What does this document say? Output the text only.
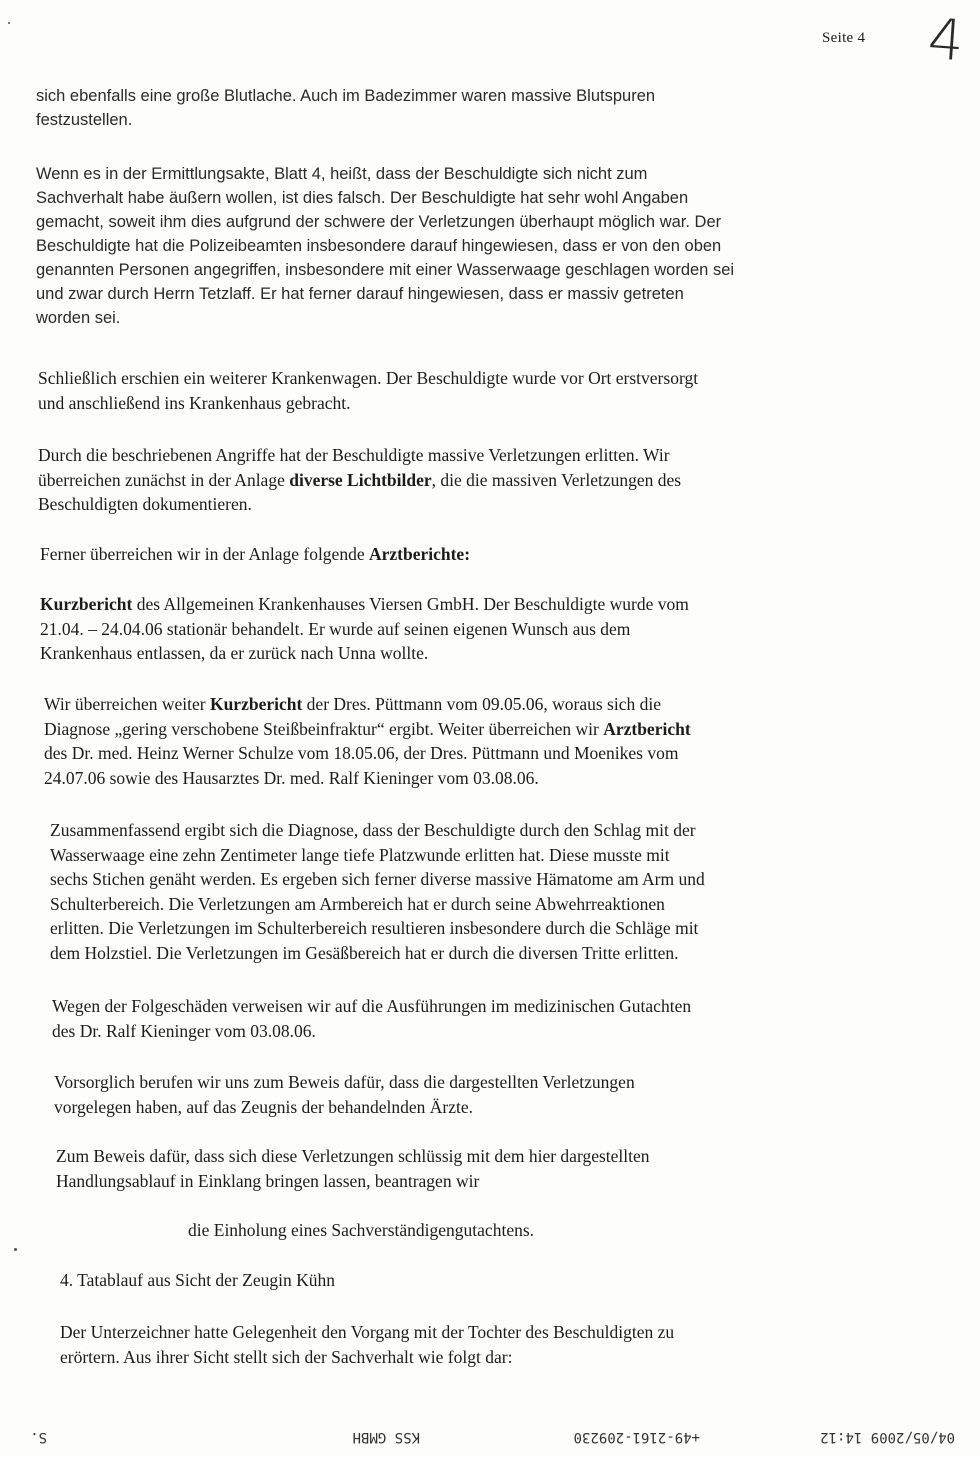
Seite 4 4
sich ebenfalls eine große Blutlache. Auch im Badezimmer waren massive Blutspuren
festzustellen.
Wenn es in der Ermittlungsakte, Blatt 4, heißt, dass der Beschuldigte sich nicht zum
Sachverhalt habe äußern wollen, ist dies falsch. Der Beschuldigte hat sehr wohl Angaben
gemacht, soweit ihm dies aufgrund der schwere der Verletzungen überhaupt möglich war. Der
Beschuldigte hat die Polizeibeamten insbesondere darauf hingewiesen, dass er von den oben
genannten Personen angegriffen, insbesondere mit einer Wasserwaage geschlagen worden sei
und zwar durch Herrn Tetzlaff. Er hat ferner darauf hingewiesen, dass er massiv getreten
worden sei.
Schließlich erschien ein weiterer Krankenwagen. Der Beschuldigte wurde vor Ort erstversorgt
und anschließend ins Krankenhaus gebracht.
Durch die beschriebenen Angriffe hat der Beschuldigte massive Verletzungen erlitten. Wir
überreichen zunächst in der Anlage diverse Lichtbilder, die die massiven Verletzungen des
Beschuldigten dokumentieren.
Ferner überreichen wir in der Anlage folgende Arztberichte:
Kurzbericht des Allgemeinen Krankenhauses Viersen GmbH. Der Beschuldigte wurde vom
21.04. – 24.04.06 stationär behandelt. Er wurde auf seinen eigenen Wunsch aus dem
Krankenhaus entlassen, da er zurück nach Unna wollte.
Wir überreichen weiter Kurzbericht der Dres. Püttmann vom 09.05.06, woraus sich die
Diagnose „gering verschobene Steißbeinfraktur“ ergibt. Weiter überreichen wir Arztbericht
des Dr. med. Heinz Werner Schulze vom 18.05.06, der Dres. Püttmann und Moenikes vom
24.07.06 sowie des Hausarztes Dr. med. Ralf Kieninger vom 03.08.06.
Zusammenfassend ergibt sich die Diagnose, dass der Beschuldigte durch den Schlag mit der
Wasserwaage eine zehn Zentimeter lange tiefe Platzwunde erlitten hat. Diese musste mit
sechs Stichen genäht werden. Es ergeben sich ferner diverse massive Hämatome am Arm und
Schulterbereich. Die Verletzungen am Armbereich hat er durch seine Abwehrreaktionen
erlitten. Die Verletzungen im Schulterbereich resultieren insbesondere durch die Schläge mit
dem Holzstiel. Die Verletzungen im Gesäßbereich hat er durch die diversen Tritte erlitten.
Wegen der Folgeschäden verweisen wir auf die Ausführungen im medizinischen Gutachten
des Dr. Ralf Kieninger vom 03.08.06.
Vorsorglich berufen wir uns zum Beweis dafür, dass die dargestellten Verletzungen
vorgelegen haben, auf das Zeugnis der behandelnden Ärzte.
Zum Beweis dafür, dass sich diese Verletzungen schlüssig mit dem hier dargestellten
Handlungsablauf in Einklang bringen lassen, beantragen wir
die Einholung eines Sachverständigengutachtens.
4. Tatablauf aus Sicht der Zeugin Kühn
Der Unterzeichner hatte Gelegenheit den Vorgang mit der Tochter des Beschuldigten zu
erörtern. Aus ihrer Sicht stellt sich der Sachverhalt wie folgt dar:
04/05/2009 14:12
+49-2161-209230
KSS GMBH
S.
